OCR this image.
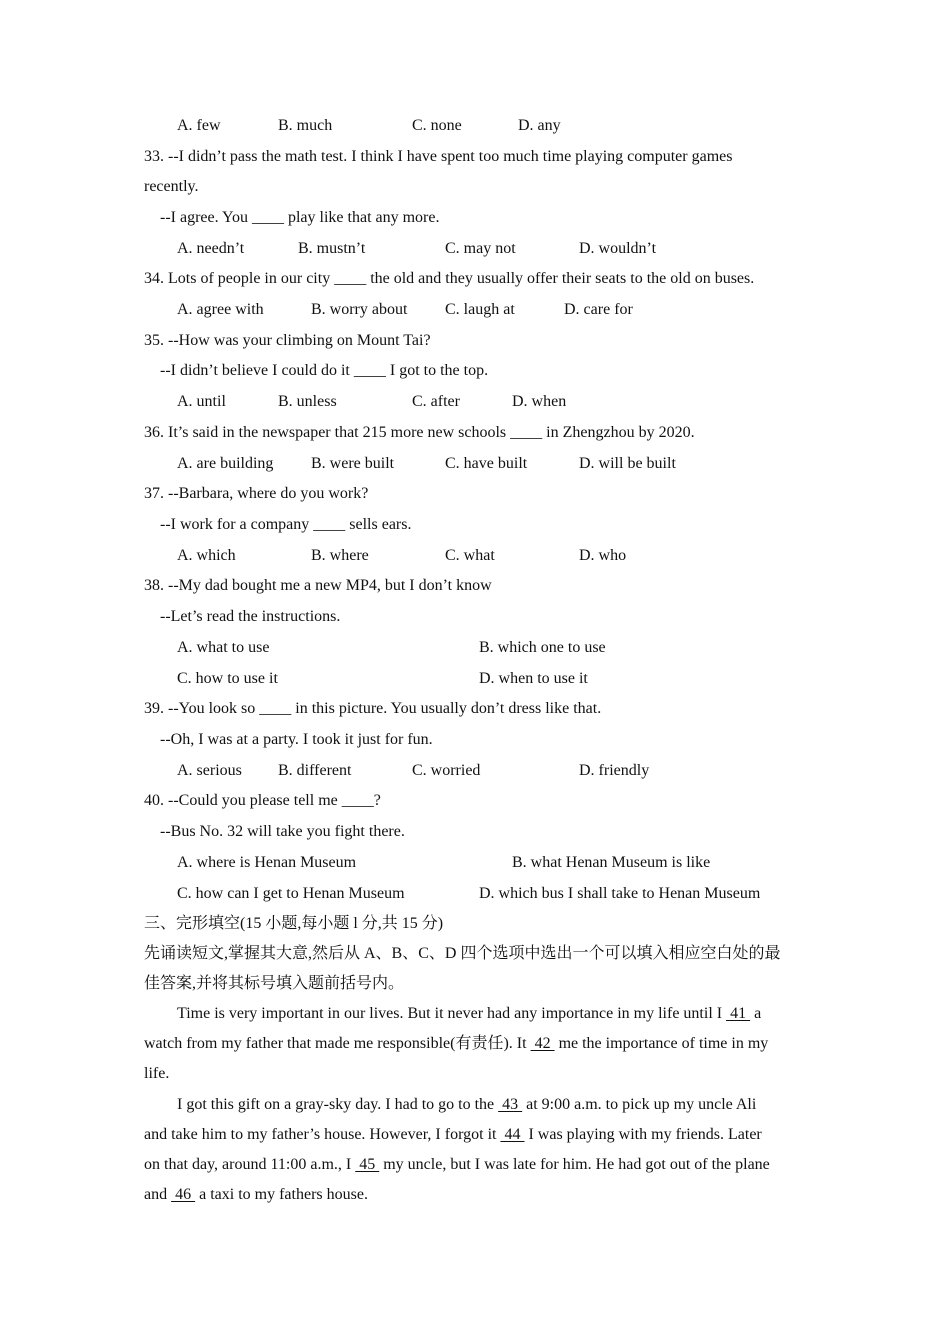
A. few	B. much	C. none	D. any
33. --I didn’t pass the math test. I think I have spent too much time playing computer games
recently.
--I agree. You ____ play like that any more.
A. needn’t	B. mustn’t	C. may not	D. wouldn’t
34. Lots of people in our city ____ the old and they usually offer their seats to the old on buses.
A. agree with	B. worry about C. laugh at	D. care for
35. --How was your climbing on Mount Tai?
--I didn’t believe I could do it ____ I got to the top.
A. until	B. unless	C. after	D. when
36. It’s said in the newspaper that 215 more new schools ____ in Zhengzhou by 2020.
A. are building B. were built	C. have built	D. will be built
37. --Barbara, where do you work?
--I work for a company ____ sells ears.
A. which	B. where	C. what	D. who
38. --My dad bought me a new MP4, but I don’t know
--Let’s read the instructions.
A. what to use	B. which one to use
C. how to use it	D. when to use it
39. --You look so ____ in this picture. You usually don’t dress like that.
--Oh, I was at a party. I took it just for fun.
A. serious B. different	C. worried	D. friendly
40. --Could you please tell me ____?
--Bus No. 32 will take you fight there.
A. where is Henan Museum	B. what Henan Museum is like
C. how can I get to Henan Museum	D. which bus I shall take to Henan Museum
三、完形填空(15 小题,每小题 l 分,共 15 分)
先诵读短文,掌握其大意,然后从 A、B、C、D 四个选项中选出一个可以填入相应空白处的最
佳答案,并将其标号填入题前括号内。
Time is very important in our lives. But it never had any importance in my life until I  41  a
watch from my father that made me responsible(有责任). It  42  me the importance of time in my
life.
I got this gift on a gray-sky day. I had to go to the  43  at 9:00 a.m. to pick up my uncle Ali
and take him to my father’s house. However, I forgot it  44  I was playing with my friends. Later
on that day, around 11:00 a.m., I  45  my uncle, but I was late for him. He had got out of the plane
and  46  a taxi to my fathers house.
